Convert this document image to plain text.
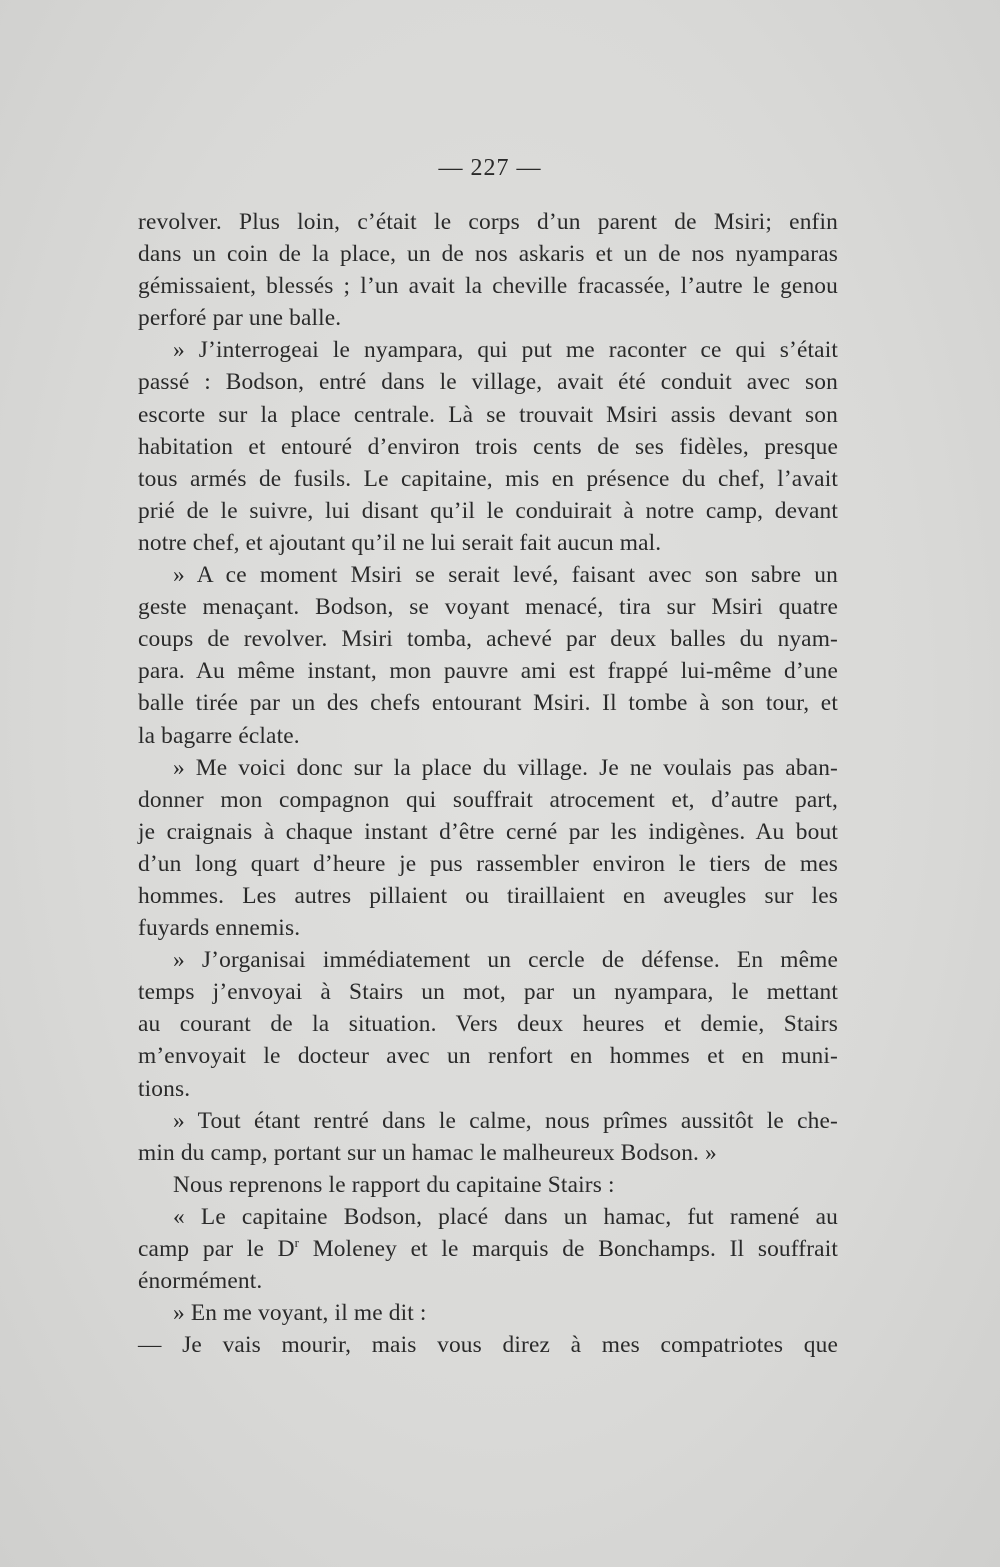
— 227 —
revolver. Plus loin, c’était le corps d’un parent de Msiri; enfin
dans un coin de la place, un de nos askaris et un de nos nyamparas
gémissaient, blessés ; l’un avait la cheville fracassée, l’autre le genou
perforé par une balle.
» J’interrogeai le nyampara, qui put me raconter ce qui s’était
passé : Bodson, entré dans le village, avait été conduit avec son
escorte sur la place centrale. Là se trouvait Msiri assis devant son
habitation et entouré d’environ trois cents de ses fidèles, presque
tous armés de fusils. Le capitaine, mis en présence du chef, l’avait
prié de le suivre, lui disant qu’il le conduirait à notre camp, devant
notre chef, et ajoutant qu’il ne lui serait fait aucun mal.
» A ce moment Msiri se serait levé, faisant avec son sabre un
geste menaçant. Bodson, se voyant menacé, tira sur Msiri quatre
coups de revolver. Msiri tomba, achevé par deux balles du nyam-
para. Au même instant, mon pauvre ami est frappé lui-même d’une
balle tirée par un des chefs entourant Msiri. Il tombe à son tour, et
la bagarre éclate.
» Me voici donc sur la place du village. Je ne voulais pas aban-
donner mon compagnon qui souffrait atrocement et, d’autre part,
je craignais à chaque instant d’être cerné par les indigènes. Au bout
d’un long quart d’heure je pus rassembler environ le tiers de mes
hommes. Les autres pillaient ou tiraillaient en aveugles sur les
fuyards ennemis.
» J’organisai immédiatement un cercle de défense. En même
temps j’envoyai à Stairs un mot, par un nyampara, le mettant
au courant de la situation. Vers deux heures et demie, Stairs
m’envoyait le docteur avec un renfort en hommes et en muni-
tions.
» Tout étant rentré dans le calme, nous prîmes aussitôt le che-
min du camp, portant sur un hamac le malheureux Bodson. »
Nous reprenons le rapport du capitaine Stairs :
« Le capitaine Bodson, placé dans un hamac, fut ramené au
camp par le $D^r$ Moleney et le marquis de Bonchamps. Il souffrait
énormément.
» En me voyant, il me dit :
— Je vais mourir, mais vous direz à mes compatriotes que
